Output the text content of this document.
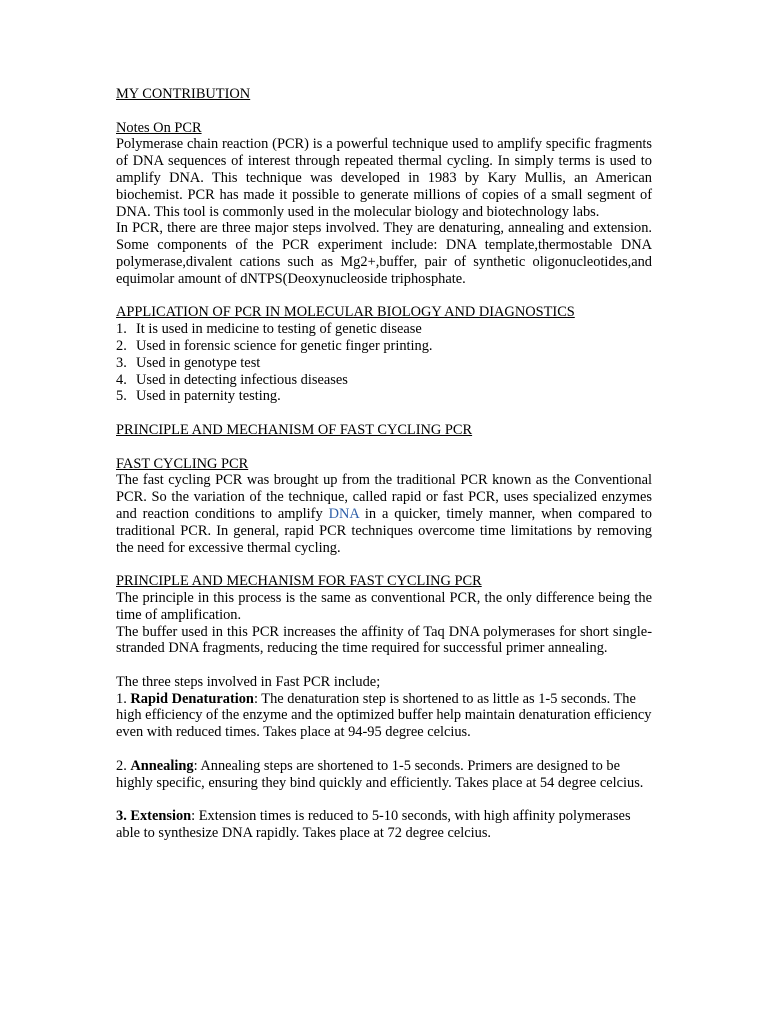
MY CONTRIBUTION

Notes On PCR

Polymerase chain reaction (PCR) is a powerful technique used to amplify specific fragments of DNA sequences of interest through repeated thermal cycling. In simply terms is used to amplify DNA. This technique was developed in 1983 by Kary Mullis, an American biochemist. PCR has made it possible to generate millions of copies of a small segment of DNA. This tool is commonly used in the molecular biology and biotechnology labs.

In PCR, there are three major steps involved. They are denaturing, annealing and extension. Some components of the PCR experiment include: DNA template,thermostable DNA polymerase,divalent cations such as Mg2+,buffer, pair of synthetic oligonucleotides,and equimolar amount of dNTPS(Deoxynucleoside triphosphate.

APPLICATION OF PCR IN MOLECULAR BIOLOGY AND DIAGNOSTICS

1. It is used in medicine to testing of genetic disease
2. Used in forensic science for genetic finger printing.
3. Used in genotype test
4. Used in detecting infectious diseases
5. Used in paternity testing.

PRINCIPLE AND MECHANISM OF FAST CYCLING PCR

FAST CYCLING PCR

The fast cycling PCR was brought up from the traditional PCR known as the Conventional PCR. So the variation of the technique, called rapid or fast PCR, uses specialized enzymes and reaction conditions to amplify DNA in a quicker, timely manner, when compared to traditional PCR. In general, rapid PCR techniques overcome time limitations by removing the need for excessive thermal cycling.

PRINCIPLE AND MECHANISM FOR FAST CYCLING PCR

The principle in this process is the same as conventional PCR, the only difference being the time of amplification.

The buffer used in this PCR increases the affinity of Taq DNA polymerases for short single-stranded DNA fragments, reducing the time required for successful primer annealing.

The three steps involved in Fast PCR include;

1. Rapid Denaturation: The denaturation step is shortened to as little as 1-5 seconds. The high efficiency of the enzyme and the optimized buffer help maintain denaturation efficiency even with reduced times. Takes place at 94-95 degree celcius.

2. Annealing: Annealing steps are shortened to 1-5 seconds. Primers are designed to be highly specific, ensuring they bind quickly and efficiently. Takes place at 54 degree celcius.

3. Extension: Extension times is reduced to 5-10 seconds, with high affinity polymerases able to synthesize DNA rapidly. Takes place at 72 degree celcius.
